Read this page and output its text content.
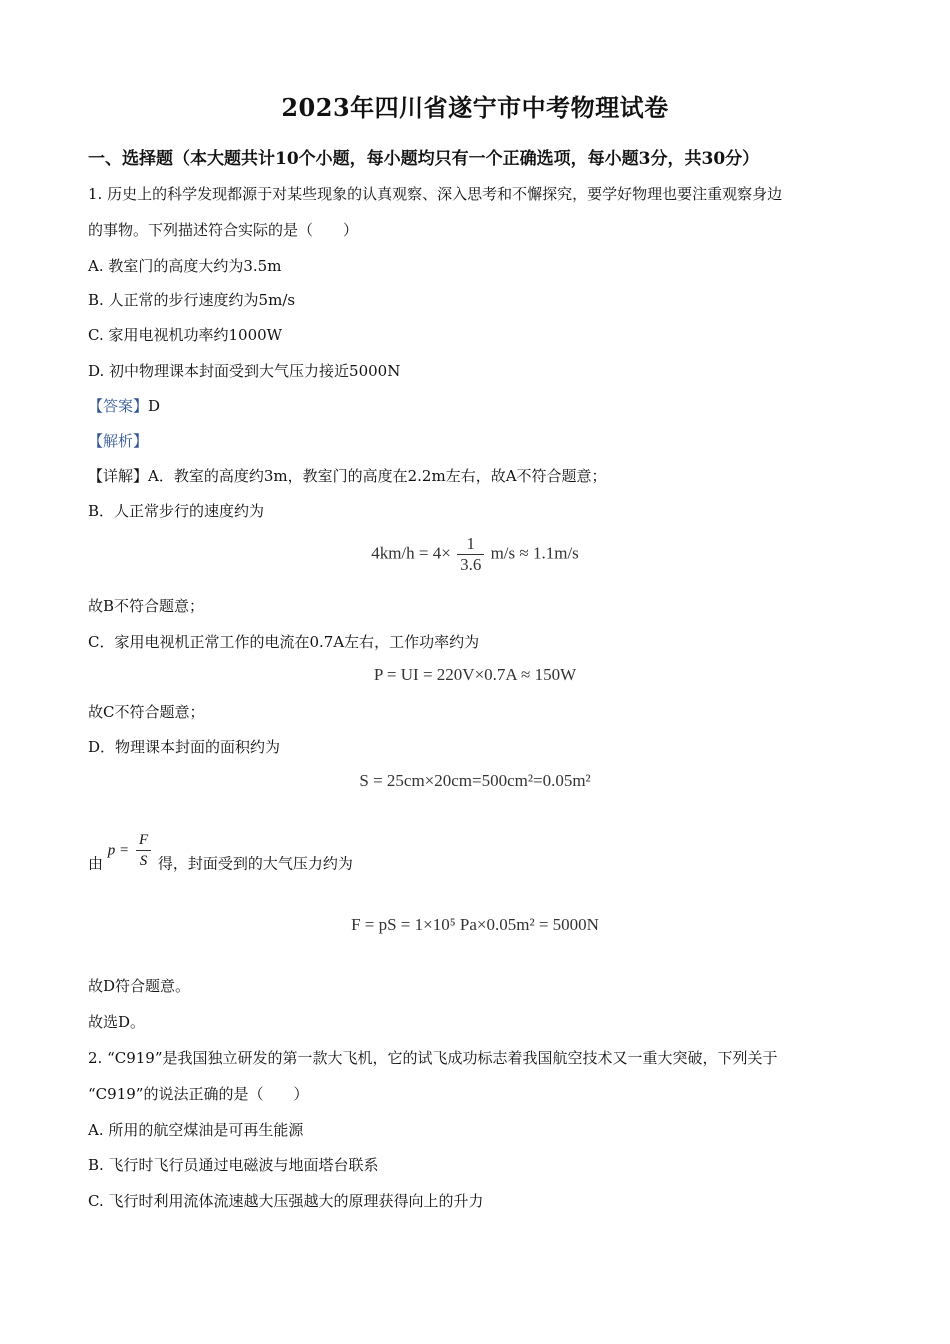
2023年四川省遂宁市中考物理试卷
一、选择题（本大题共计10个小题，每小题均只有一个正确选项，每小题3分，共30分）
1. 历史上的科学发现都源于对某些现象的认真观察、深入思考和不懈探究，要学好物理也要注重观察身边
的事物。下列描述符合实际的是（　　）
A. 教室门的高度大约为3.5m
B. 人正常的步行速度约为5m/s
C. 家用电视机功率约1000W
D. 初中物理课本封面受到大气压力接近5000N
【答案】D
【解析】
【详解】A．教室的高度约3m，教室门的高度在2.2m左右，故A不符合题意；
B．人正常步行的速度约为
$4km/h = 4\times \frac{1}{3.6} m/s \approx 1.1m/s$
故B不符合题意；
C．家用电视机正常工作的电流在0.7A左右，工作功率约为
P = UI = 220V×0.7A ≈ 150W
故C不符合题意；
D．物理课本封面的面积约为
S = 25cm×20cm=500cm²=0.05m²
由 $p = \frac{F}{S}$ 得，封面受到的大气压力约为
F = pS = 1×10⁵ Pa×0.05m² = 5000N
故D符合题意。
故选D。
2. “C919”是我国独立研发的第一款大飞机，它的试飞成功标志着我国航空技术又一重大突破，下列关于
“C919”的说法正确的是（　　）
A. 所用的航空煤油是可再生能源
B. 飞行时飞行员通过电磁波与地面塔台联系
C. 飞行时利用流体流速越大压强越大的原理获得向上的升力
